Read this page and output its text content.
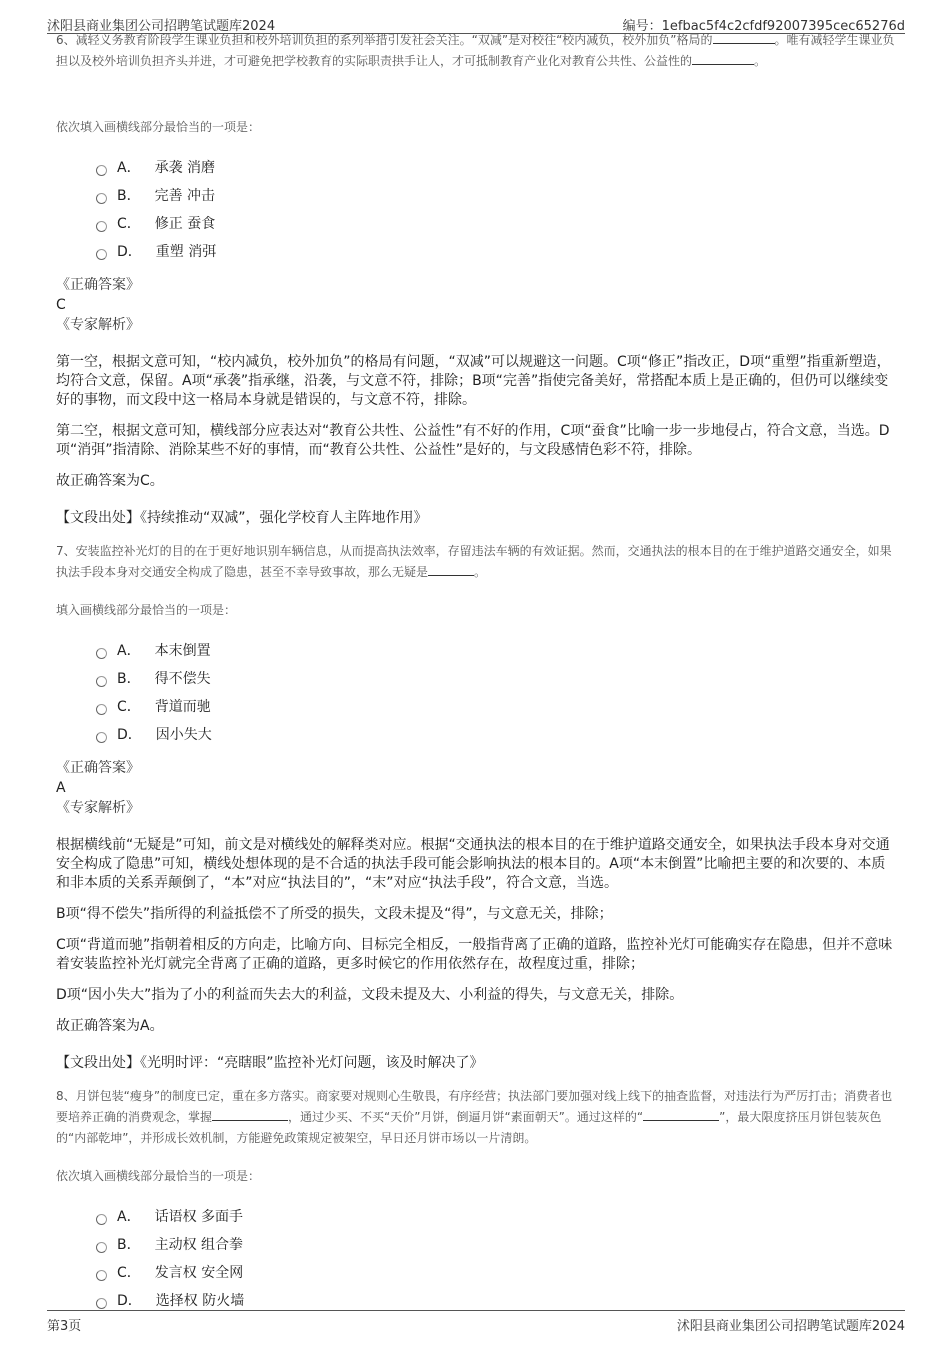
沭阳县商业集团公司招聘笔试题库2024	编号：1efbac5f4c2cfdf92007395cec65276d
6、减轻义务教育阶段学生课业负担和校外培训负担的系列举措引发社会关注。“双减”是对校往“校内减负，校外加负”格局的	。唯有减轻学生课业负担以及校外培训负担齐头并进，才可避免把学校教育的实际职责拱手让人，才可抵制教育产业化对教育公共性、公益性的	。
依次填入画横线部分最恰当的一项是：
A． 承袭 消磨
B． 完善 冲击
C． 修正 蚕食
D． 重塑 消弭
《正确答案》
C
《专家解析》

第一空，根据文意可知，“校内减负，校外加负”的格局有问题，“双减”可以规避这一问题。C项“修正”指改正，D项“重塑”指重新塑造，均符合文意，保留。A项“承袭”指承继，沿袭，与文意不符，排除；B项“完善”指使完备美好，常搭配本质上是正确的，但仍可以继续变好的事物，而文段中这一格局本身就是错误的，与文意不符，排除。

第二空，根据文意可知，横线部分应表达对“教育公共性、公益性”有不好的作用，C项“蚕食”比喻一步一步地侵占，符合文意，当选。D项“消弭”指清除、消除某些不好的事情，而“教育公共性、公益性”是好的，与文段感情色彩不符，排除。

故正确答案为C。

【文段出处】《持续推动“双减”，强化学校育人主阵地作用》
7、安装监控补光灯的目的在于更好地识别车辆信息，从而提高执法效率，存留违法车辆的有效证据。然而，交通执法的根本目的在于维护道路交通安全，如果执法手段本身对交通安全构成了隐患，甚至不幸导致事故，那么无疑是	。
填入画横线部分最恰当的一项是：
A． 本末倒置
B． 得不偿失
C． 背道而驰
D． 因小失大
《正确答案》
A
《专家解析》

根据横线前“无疑是”可知，前文是对横线处的解释类对应。根据“交通执法的根本目的在于维护道路交通安全，如果执法手段本身对交通安全构成了隐患”可知，横线处想体现的是不合适的执法手段可能会影响执法的根本目的。A项“本末倒置”比喻把主要的和次要的、本质和非本质的关系弄颠倒了，“本”对应“执法目的”，“末”对应“执法手段”，符合文意，当选。

B项“得不偿失”指所得的利益抵偿不了所受的损失，文段未提及“得”，与文意无关，排除；

C项“背道而驰”指朝着相反的方向走，比喻方向、目标完全相反，一般指背离了正确的道路，监控补光灯可能确实存在隐患，但并不意味着安装监控补光灯就完全背离了正确的道路，更多时候它的作用依然存在，故程度过重，排除；

D项“因小失大”指为了小的利益而失去大的利益，文段未提及大、小利益的得失，与文意无关，排除。

故正确答案为A。

【文段出处】《光明时评：“亮瞎眼”监控补光灯问题，该及时解决了》
8、月饼包装“瘦身”的制度已定，重在多方落实。商家要对规则心生敬畏，有序经营；执法部门要加强对线上线下的抽查监督，对违法行为严厉打击；消费者也要培养正确的消费观念，掌握	，通过少买、不买“天价”月饼，倒逼月饼“素面朝天”。通过这样的“	”，最大限度挤压月饼包装灰色的“内部乾坤”，并形成长效机制，方能避免政策规定被架空，早日还月饼市场以一片清朗。
依次填入画横线部分最恰当的一项是：
A． 话语权 多面手
B． 主动权 组合拳
C． 发言权 安全网
D． 选择权 防火墙
第3页	沭阳县商业集团公司招聘笔试题库2024
